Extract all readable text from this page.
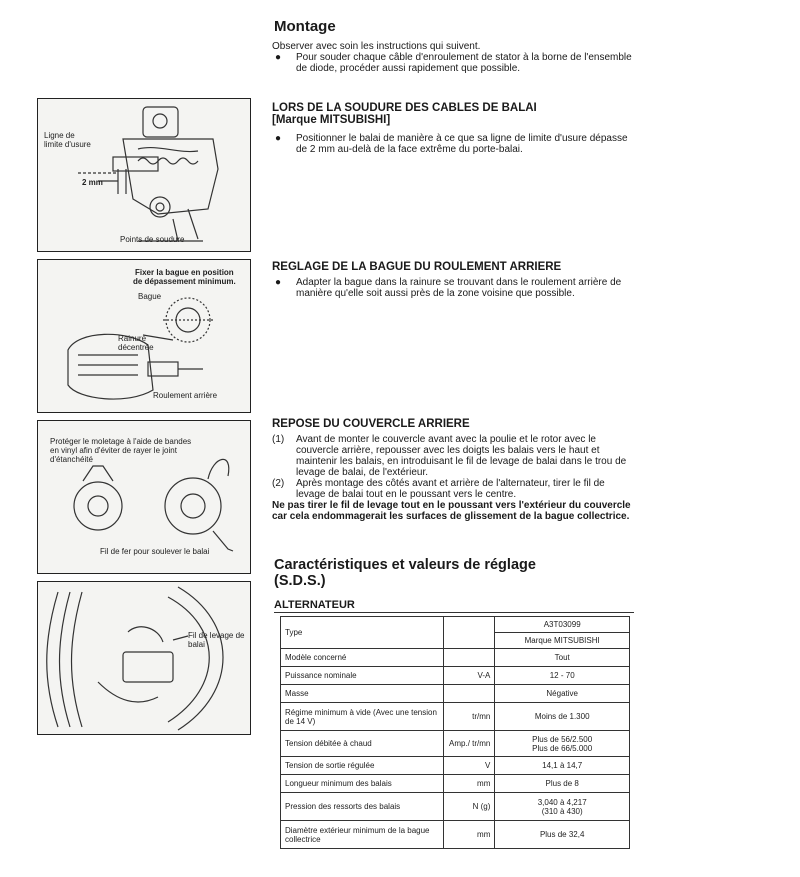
Ligne de
limite d'usure
2 mm
Points de soudure
Fixer la bague en position
de dépassement minimum.
Bague
Rainure
décentrée
Roulement arrière
Protéger le moletage à l'aide de bandes
en vinyl afin d'éviter de rayer le joint
d'étanchéité
Fil de fer pour soulever le balai
Fil de levage de balai
Montage

Observer avec soin les instructions qui suivent.

● Pour souder chaque câble d'enroulement de stator à la borne de l'ensemble de diode, procéder aussi rapidement que possible.
LORS DE LA SOUDURE DES CABLES DE BALAI
[Marque MITSUBISHI]
● Positionner le balai de manière à ce que sa ligne de limite d'usure dépasse de 2 mm au-delà de la face extrême du porte-balai.
REGLAGE DE LA BAGUE DU ROULEMENT ARRIERE
● Adapter la bague dans la rainure se trouvant dans le roulement arrière de manière qu'elle soit aussi près de la zone voisine que possible.
REPOSE DU COUVERCLE ARRIERE
(1) Avant de monter le couvercle avant avec la poulie et le rotor avec le couvercle arrière, repousser avec les doigts les balais vers le haut et maintenir les balais, en introduisant le fil de levage de balai dans le trou de levage de balai, de l'extérieur.
(2) Après montage des côtés avant et arrière de l'alternateur, tirer le fil de levage de balai tout en le poussant vers le centre.

Ne pas tirer le fil de levage tout en le poussant vers l'extérieur du couvercle car cela endommagerait les surfaces de glissement de la bague collectrice.

Caractéristiques et valeurs de réglage
(S.D.S.)
ALTERNATEUR
Type		A3T03099
		Marque MITSUBISHI
Modèle concerné		Tout
Puissance nominale	V-A	12 - 70
Masse		Négative
Régime minimum à vide (Avec une tension de 14 V)	tr/mn	Moins de 1.300
Tension débitée à chaud	Amp./ tr/mn	Plus de 56/2.500
Plus de 66/5.000
Tension de sortie régulée	V	14,1 à 14,7
Longueur minimum des balais	mm	Plus de 8
Pression des ressorts des balais	N (g)	3,040 à 4,217
(310 à 430)
Diamètre extérieur minimum de la bague collectrice	mm	Plus de 32,4
